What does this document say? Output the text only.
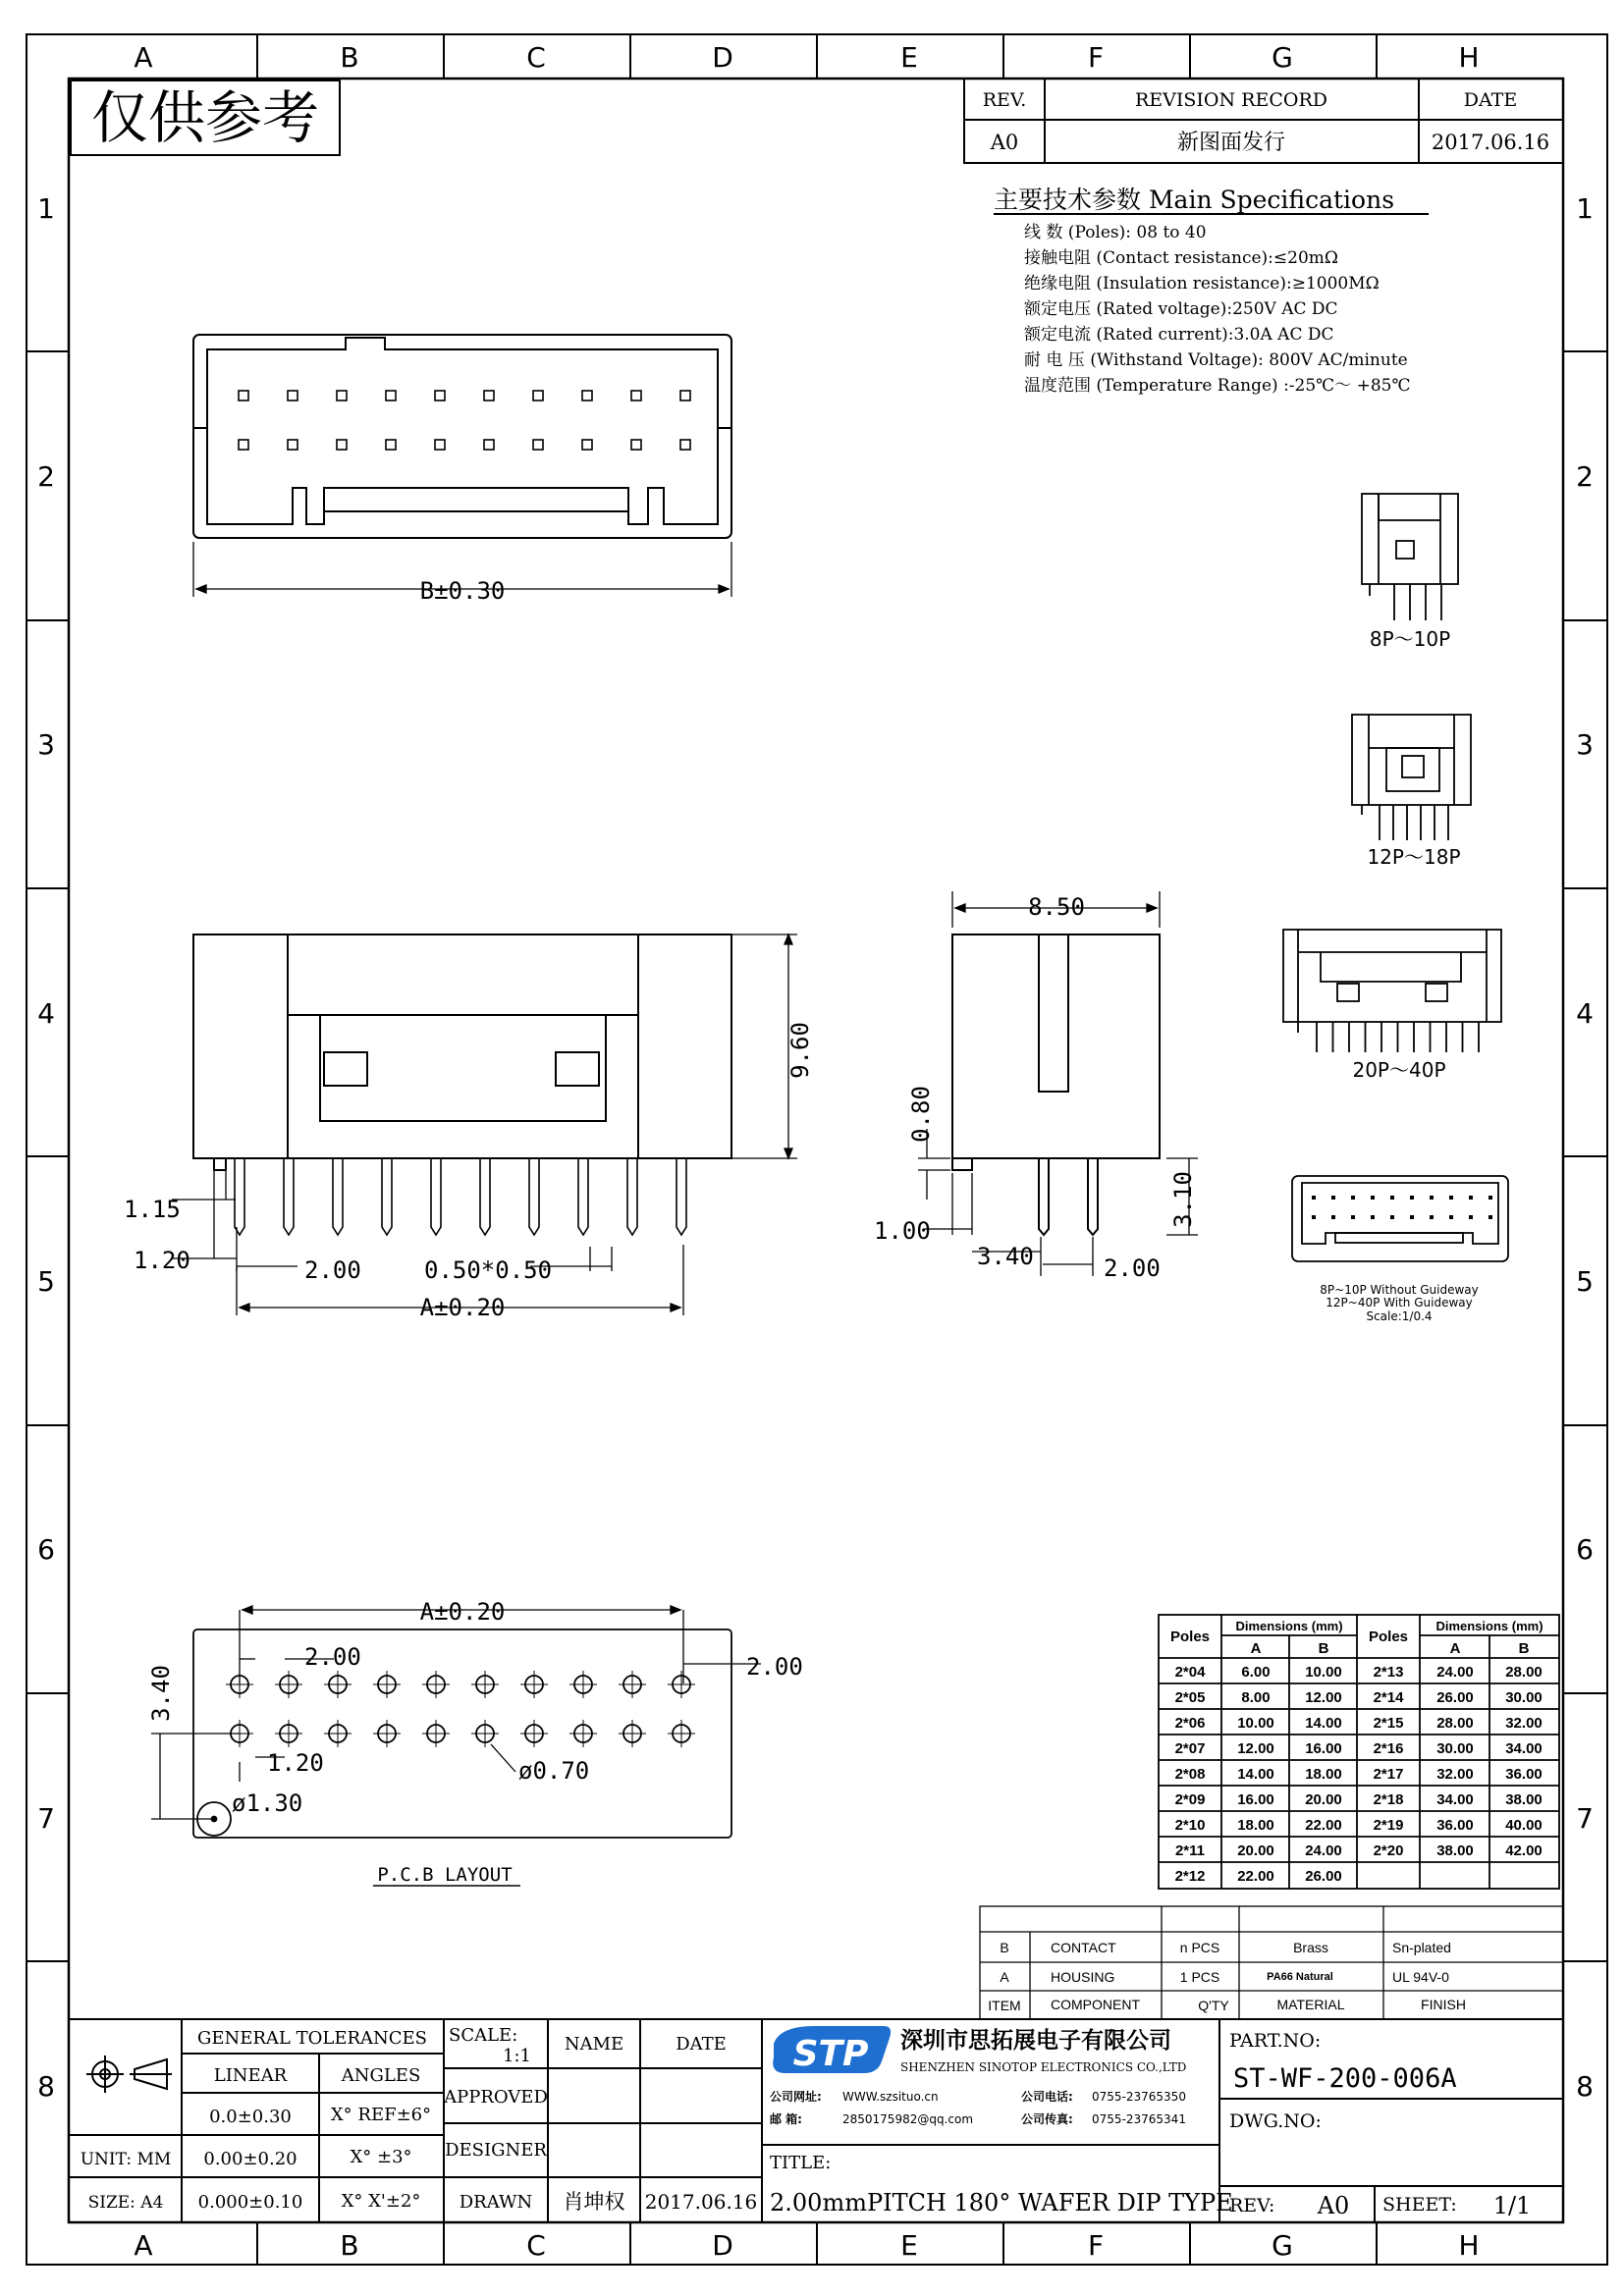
A	B	C	D	E	F	G	H
A	B	C	D	E	F	G	H
1
2
3
4
5
6
7
8
1
2
3
4
5
6
7
8
仅供参考	REV.	REVISION RECORD	DATE
A0	新图面发行	2017.06.16
主要技术参数 Main Specifications
线 数 (Poles): 08 to 40
接触电阻 (Contact resistance):≤20mΩ
绝缘电阻 (Insulation resistance):≥1000MΩ
额定电压 (Rated voltage):250V AC DC
额定电流 (Rated current):3.0A AC DC
耐 电 压 (Withstand Voltage): 800V AC/minute
温度范围 (Temperature Range) :-25℃～ +85℃
B±0.30
9.60
1.15
1.20	2.00	0.50*0.50
A±0.20
8.50
0.80
1.00
3.40	2.00
3.10
8P～10P
12P～18P
20P～40P
8P~10P Without Guideway
12P~40P With Guideway
Scale:1/0.4
A±0.20
2.00	2.00
3.40
1.20	ø0.70
ø1.30
P.C.B LAYOUT
Poles
Dimensions (mm)
A	B
Poles
Dimensions (mm)
A	B
2*04 6.00 10.00
2*05 8.00 12.00
2*06 10.00 14.00
2*07 12.00 16.00
2*08 14.00 18.00
2*09 16.00 20.00
2*10 18.00 22.00
2*11 20.00 24.00
2*12 22.00 26.00
2*13 24.00 28.00
2*14 26.00 30.00
2*15 28.00 32.00
2*16 30.00 34.00
2*17 32.00 36.00
2*18 34.00 38.00
2*19 36.00 40.00
2*20 38.00 42.00
B	CONTACT	n PCS	Brass	Sn-plated
A	HOUSING	1 PCS	PA66 Natural	UL 94V-0
ITEM COMPONENT	Q'TY	MATERIAL	FINISH
GENERAL TOLERANCES
LINEAR	ANGLES
0.0±0.30 X° REF±6°
0.00±0.20	X° ±3°
0.000±0.10 X° X'±2°
UNIT: MM
SIZE: A4
SCALE:
1:1
NAME	DATE
APPROVED
DESIGNER
DRAWN 肖坤权 2017.06.16
STP 深圳市思拓展电子有限公司
SHENZHEN SINOTOP ELECTRONICS CO.,LTD
公司网址: WWW.szsituo.cn	公司电话: 0755-23765350
邮 箱:	2850175982@qq.com	公司传真: 0755-23765341
TITLE:
2.00mmPITCH 180° WAFER DIP TYPE
PART.NO:
ST-WF-200-006A
DWG.NO:
REV: A0 SHEET: 1/1
